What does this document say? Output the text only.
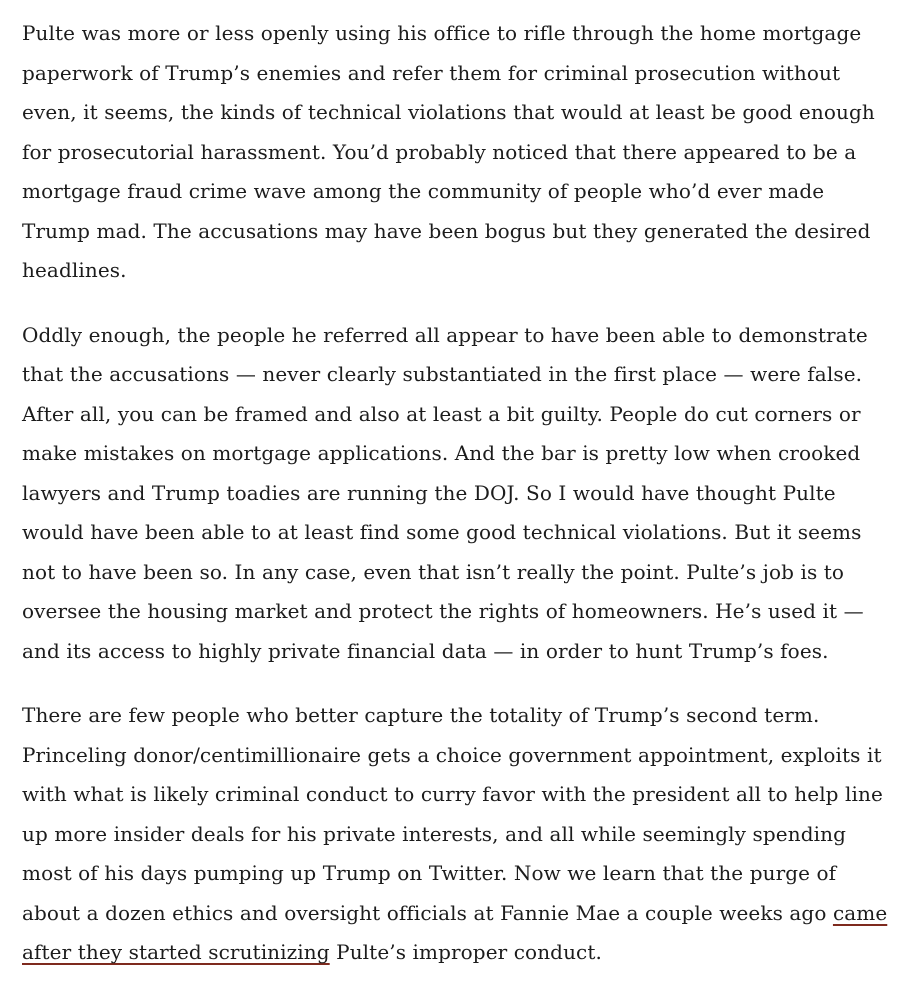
Pulte was more or less openly using his office to rifle through the home mortgage paperwork of Trump’s enemies and refer them for criminal prosecution without even, it seems, the kinds of technical violations that would at least be good enough for prosecutorial harassment. You’d probably noticed that there appeared to be a mortgage fraud crime wave among the community of people who’d ever made Trump mad. The accusations may have been bogus but they generated the desired headlines.

Oddly enough, the people he referred all appear to have been able to demonstrate that the accusations — never clearly substantiated in the first place — were false. After all, you can be framed and also at least a bit guilty. People do cut corners or make mistakes on mortgage applications. And the bar is pretty low when crooked lawyers and Trump toadies are running the DOJ. So I would have thought Pulte would have been able to at least find some good technical violations. But it seems not to have been so. In any case, even that isn’t really the point. Pulte’s job is to oversee the housing market and protect the rights of homeowners. He’s used it — and its access to highly private financial data — in order to hunt Trump’s foes.

There are few people who better capture the totality of Trump’s second term. Princeling donor/centimillionaire gets a choice government appointment, exploits it with what is likely criminal conduct to curry favor with the president all to help line up more insider deals for his private interests, and all while seemingly spending most of his days pumping up Trump on Twitter. Now we learn that the purge of about a dozen ethics and oversight officials at Fannie Mae a couple weeks ago came after they started scrutinizing Pulte’s improper conduct.
